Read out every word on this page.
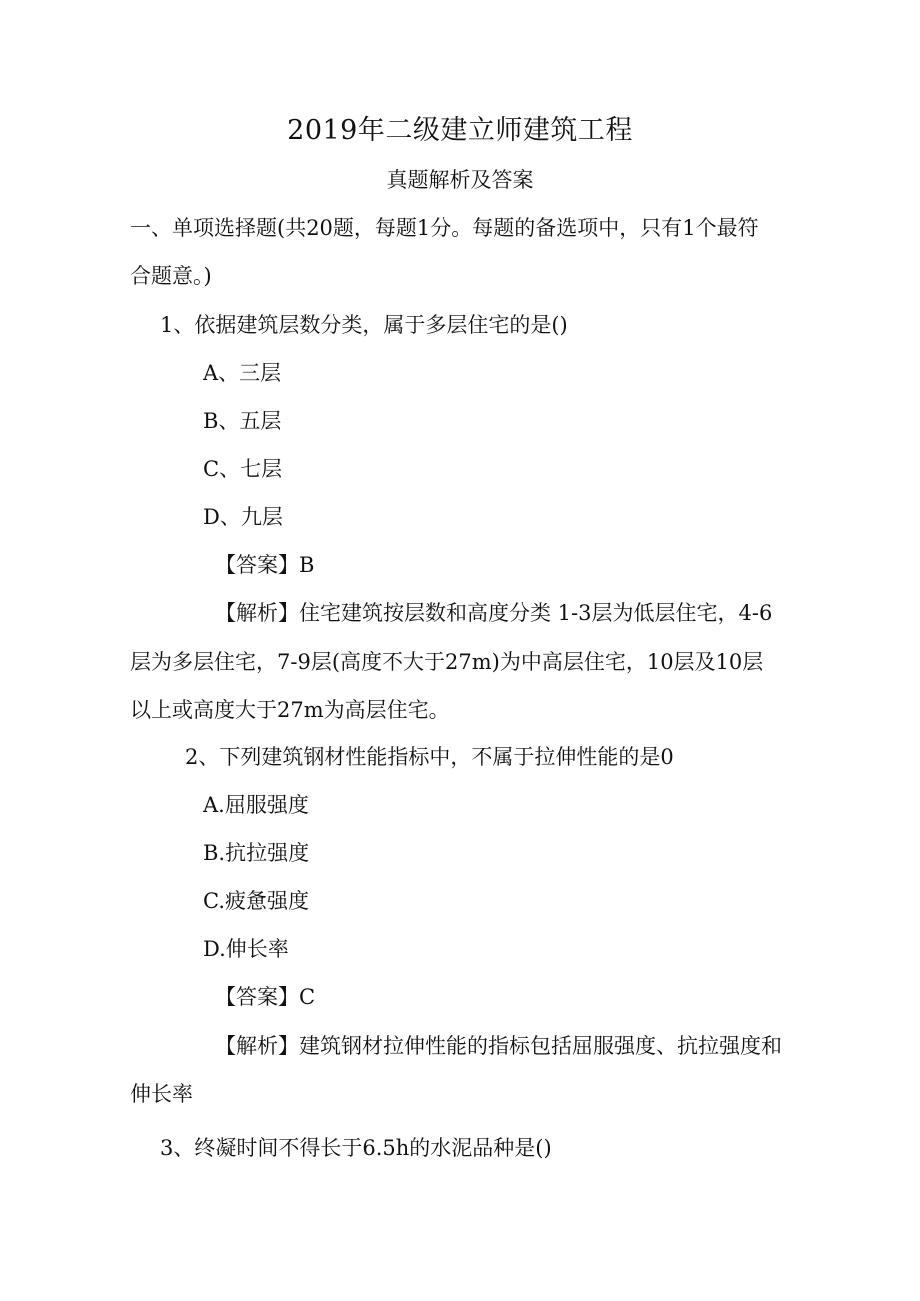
2019年二级建立师建筑工程
真题解析及答案
一、单项选择题(共20题，每题1分。每题的备选项中，只有1个最符
合题意。)
1、依据建筑层数分类，属于多层住宅的是()
A、三层
B、五层
C、七层
D、九层
【答案】B
【解析】住宅建筑按层数和高度分类 1-3层为低层住宅，4-6
层为多层住宅，7-9层(高度不大于27m)为中高层住宅，10层及10层
以上或高度大于27m为高层住宅。
2、下列建筑钢材性能指标中，不属于拉伸性能的是0
A.屈服强度
B.抗拉强度
C.疲惫强度
D.伸长率
【答案】C
【解析】建筑钢材拉伸性能的指标包括屈服强度、抗拉强度和
伸长率
3、终凝时间不得长于6.5h的水泥品种是()
